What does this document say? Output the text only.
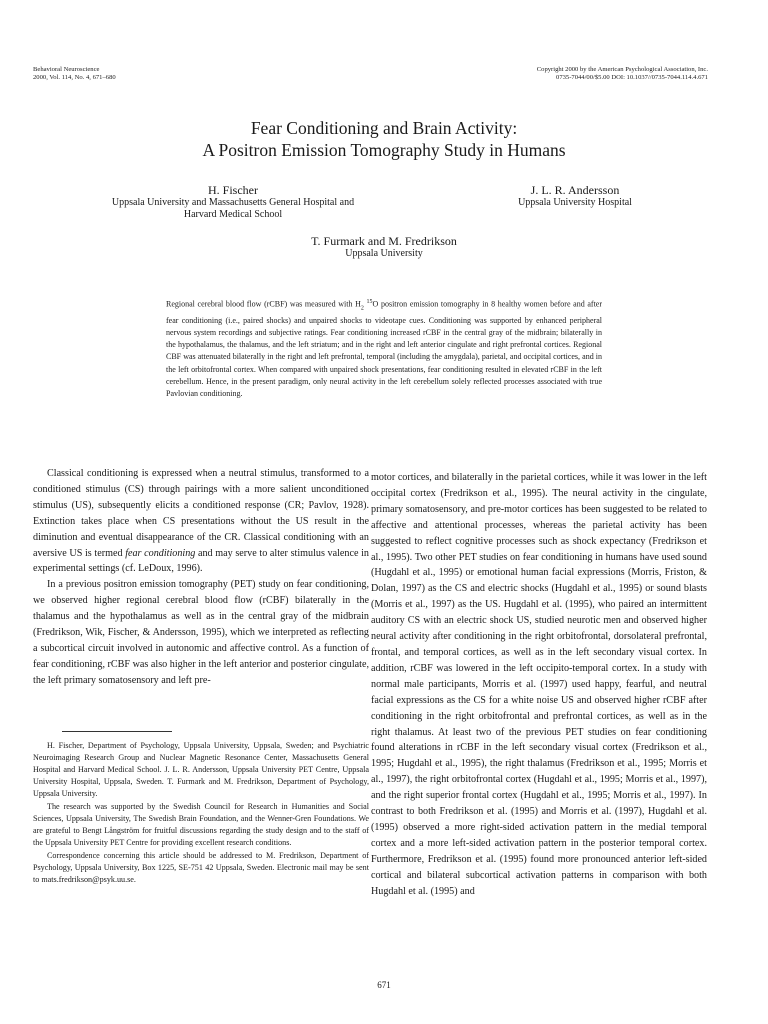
Behavioral Neuroscience
2000, Vol. 114, No. 4, 671–680
Copyright 2000 by the American Psychological Association, Inc.
0735-7044/00/$5.00 DOI: 10.1037//0735-7044.114.4.671
Fear Conditioning and Brain Activity:
A Positron Emission Tomography Study in Humans
H. Fischer
Uppsala University and Massachusetts General Hospital and
Harvard Medical School
J. L. R. Andersson
Uppsala University Hospital
T. Furmark and M. Fredrikson
Uppsala University
Regional cerebral blood flow (rCBF) was measured with $H_2$ $^{15}$O positron emission tomography in 8 healthy women before and after fear conditioning (i.e., paired shocks) and unpaired shocks to videotape cues. Conditioning was supported by enhanced peripheral nervous system recordings and subjective ratings. Fear conditioning increased rCBF in the central gray of the midbrain; bilaterally in the hypothalamus, the thalamus, and the left striatum; and in the right and left anterior cingulate and right prefrontal cortices. Regional CBF was attenuated bilaterally in the right and left prefrontal, temporal (including the amygdala), parietal, and occipital cortices, and in the left orbitofrontal cortex. When compared with unpaired shock presentations, fear conditioning resulted in elevated rCBF in the left cerebellum. Hence, in the present paradigm, only neural activity in the left cerebellum solely reflected processes associated with true Pavlovian conditioning.

Classical conditioning is expressed when a neutral stimulus, transformed to a conditioned stimulus (CS) through pairings with a more salient unconditioned stimulus (US), subsequently elicits a conditioned response (CR; Pavlov, 1928). Extinction takes place when CS presentations without the US result in the diminution and eventual disappearance of the CR. Classical conditioning with an aversive US is termed fear conditioning and may serve to alter stimulus valence in experimental settings (cf. LeDoux, 1996).

In a previous positron emission tomography (PET) study on fear conditioning, we observed higher regional cerebral blood flow (rCBF) bilaterally in the thalamus and the hypothalamus as well as in the central gray of the midbrain (Fredrikson, Wik, Fischer, & Andersson, 1995), which we interpreted as reflecting a subcortical circuit involved in autonomic and affective control. As a function of fear conditioning, rCBF was also higher in the left anterior and posterior cingulate, the left primary somatosensory and left pre-

H. Fischer, Department of Psychology, Uppsala University, Uppsala, Sweden; and Psychiatric Neuroimaging Research Group and Nuclear Magnetic Resonance Center, Massachusetts General Hospital and Harvard Medical School. J. L. R. Andersson, Uppsala University PET Centre, Uppsala University Hospital, Uppsala, Sweden. T. Furmark and M. Fredrikson, Department of Psychology, Uppsala University.

The research was supported by the Swedish Council for Research in Humanities and Social Sciences, Uppsala University, The Swedish Brain Foundation, and the Wenner-Gren Foundations. We are grateful to Bengt Långström for fruitful discussions regarding the study design and to the staff of the Uppsala University PET Centre for providing excellent research conditions.

Correspondence concerning this article should be addressed to M. Fredrikson, Department of Psychology, Uppsala University, Box 1225, SE-751 42 Uppsala, Sweden. Electronic mail may be sent to mats.fredrikson@psyk.uu.se.

motor cortices, and bilaterally in the parietal cortices, while it was lower in the left occipital cortex (Fredrikson et al., 1995). The neural activity in the cingulate, primary somatosensory, and pre-motor cortices has been suggested to be related to affective and attentional processes, whereas the parietal activity has been suggested to reflect cognitive processes such as shock expectancy (Fredrikson et al., 1995). Two other PET studies on fear conditioning in humans have used sound (Hugdahl et al., 1995) or emotional human facial expressions (Morris, Friston, & Dolan, 1997) as the CS and electric shocks (Hugdahl et al., 1995) or sound blasts (Morris et al., 1997) as the US. Hugdahl et al. (1995), who paired an intermittent auditory CS with an electric shock US, studied neurotic men and observed higher neural activity after conditioning in the right orbitofrontal, dorsolateral prefrontal, frontal, and temporal cortices, as well as in the left secondary visual cortex. In addition, rCBF was lowered in the left occipito-temporal cortex. In a study with normal male participants, Morris et al. (1997) used happy, fearful, and neutral facial expressions as the CS for a white noise US and observed higher rCBF after conditioning in the right orbitofrontal and prefrontal cortices, as well as in the right thalamus. At least two of the previous PET studies on fear conditioning found alterations in rCBF in the left secondary visual cortex (Fredrikson et al., 1995; Hugdahl et al., 1995), the right thalamus (Fredrikson et al., 1995; Morris et al., 1997), the right orbitofrontal cortex (Hugdahl et al., 1995; Morris et al., 1997), and the right superior frontal cortex (Hugdahl et al., 1995; Morris et al., 1997). In contrast to both Fredrikson et al. (1995) and Morris et al. (1997), Hugdahl et al. (1995) observed a more right-sided activation pattern in the medial temporal cortex and a more left-sided activation pattern in the posterior temporal cortex. Furthermore, Fredrikson et al. (1995) found more pronounced anterior left-sided cortical and bilateral subcortical activation patterns in comparison with both Hugdahl et al. (1995) and

671
